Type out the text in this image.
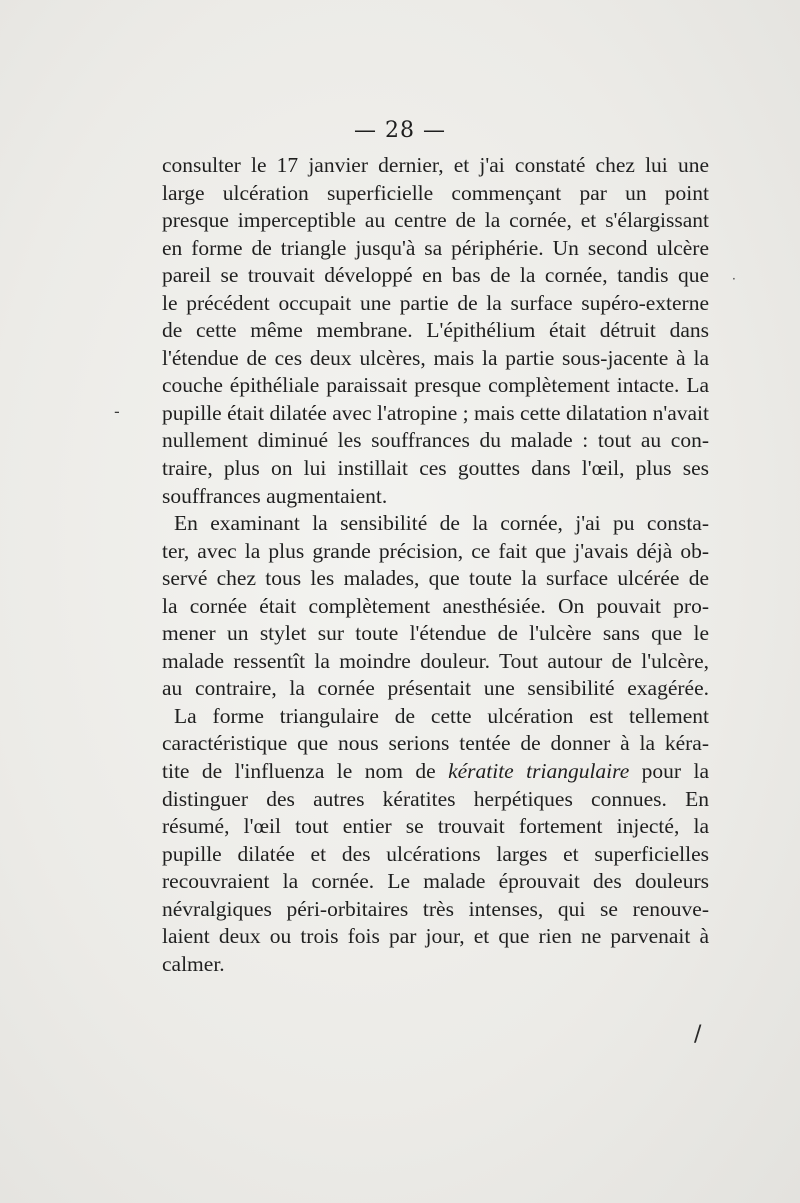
— 28 —

consulter le 17 janvier dernier, et j'ai constaté chez lui une
large ulcération superficielle commençant par un point
presque imperceptible au centre de la cornée, et s'élargissant
en forme de triangle jusqu'à sa périphérie. Un second ulcère
pareil se trouvait développé en bas de la cornée, tandis que
le précédent occupait une partie de la surface supéro-externe
de cette même membrane. L'épithélium était détruit dans
l'étendue de ces deux ulcères, mais la partie sous-jacente à la
couche épithéliale paraissait presque complètement intacte. La
pupille était dilatée avec l'atropine ; mais cette dilatation n'avait
nullement diminué les souffrances du malade : tout au con-
traire, plus on lui instillait ces gouttes dans l'œil, plus ses
souffrances augmentaient.
En examinant la sensibilité de la cornée, j'ai pu consta-
ter, avec la plus grande précision, ce fait que j'avais déjà ob-
servé chez tous les malades, que toute la surface ulcérée de
la cornée était complètement anesthésiée. On pouvait pro-
mener un stylet sur toute l'étendue de l'ulcère sans que le
malade ressentît la moindre douleur. Tout autour de l'ulcère,
au contraire, la cornée présentait une sensibilité exagérée.
La forme triangulaire de cette ulcération est tellement
caractéristique que nous serions tentée de donner à la kéra-
tite de l'influenza le nom de kératite triangulaire pour la
distinguer des autres kératites herpétiques connues. En
résumé, l'œil tout entier se trouvait fortement injecté, la
pupille dilatée et des ulcérations larges et superficielles
recouvraient la cornée. Le malade éprouvait des douleurs
névralgiques péri-orbitaires très intenses, qui se renouve-
laient deux ou trois fois par jour, et que rien ne parvenait à
calmer.
‑
·
/
